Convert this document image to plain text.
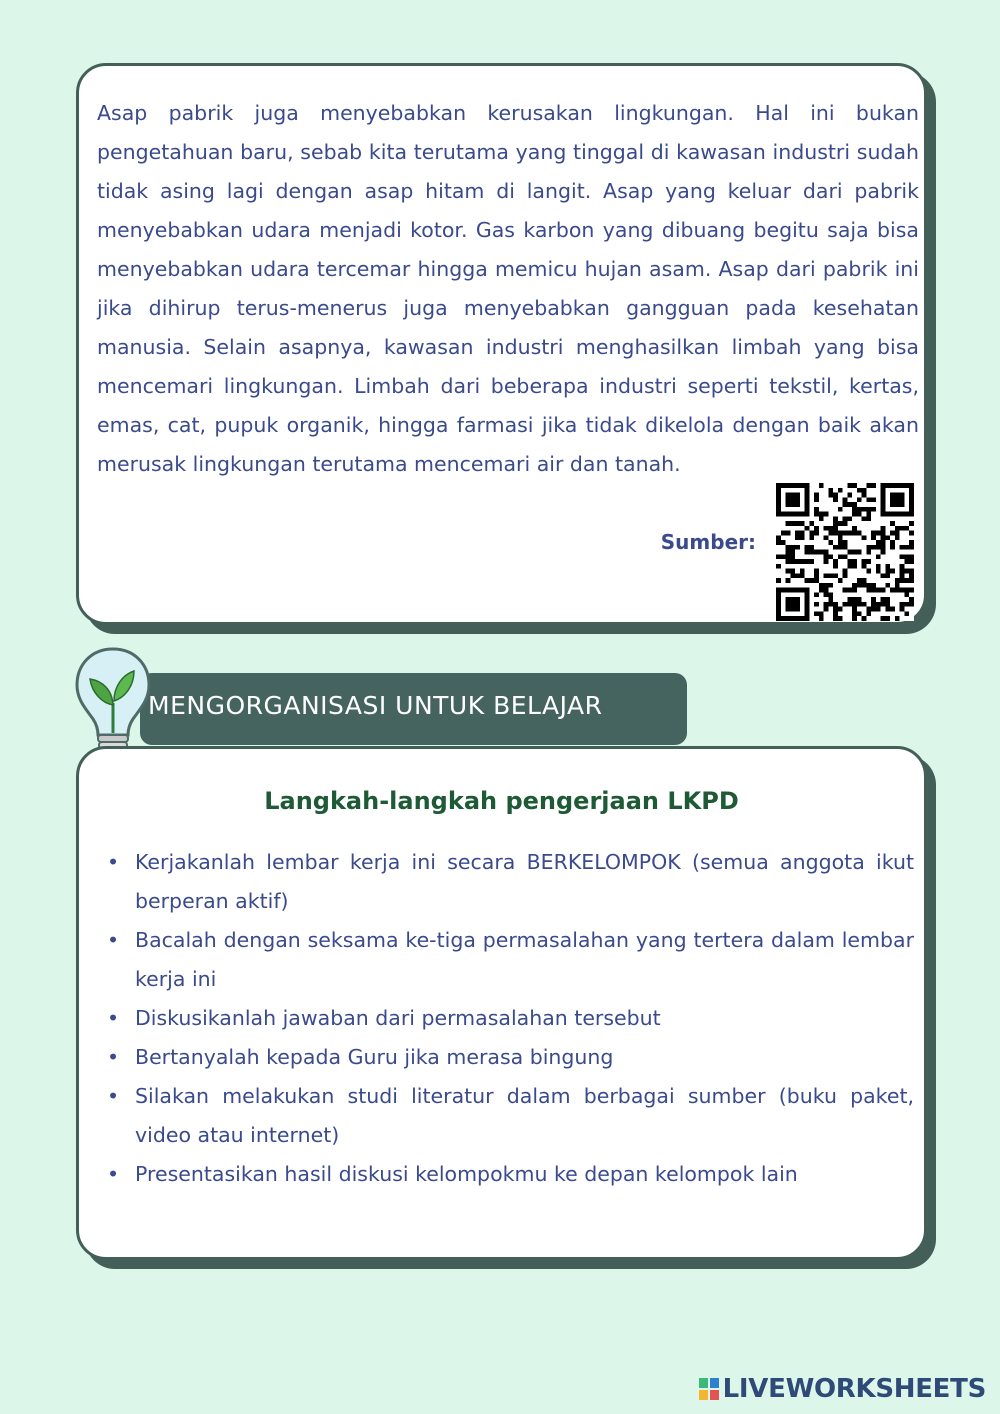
Asap pabrik juga menyebabkan kerusakan lingkungan. Hal ini bukan pengetahuan baru, sebab kita terutama yang tinggal di kawasan industri sudah tidak asing lagi dengan asap hitam di langit. Asap yang keluar dari pabrik menyebabkan udara menjadi kotor. Gas karbon yang dibuang begitu saja bisa menyebabkan udara tercemar hingga memicu hujan asam. Asap dari pabrik ini jika dihirup terus-menerus juga menyebabkan gangguan pada kesehatan manusia. Selain asapnya, kawasan industri menghasilkan limbah yang bisa mencemari lingkungan. Limbah dari beberapa industri seperti tekstil, kertas, emas, cat, pupuk organik, hingga farmasi jika tidak dikelola dengan baik akan merusak lingkungan terutama mencemari air dan tanah.

Sumber:
MENGORGANISASI UNTUK BELAJAR
Langkah-langkah pengerjaan LKPD
• Kerjakanlah lembar kerja ini secara BERKELOMPOK (semua anggota ikut berperan aktif)
• Bacalah dengan seksama ke-tiga permasalahan yang tertera dalam lembar kerja ini
• Diskusikanlah jawaban dari permasalahan tersebut
• Bertanyalah kepada Guru jika merasa bingung
• Silakan melakukan studi literatur dalam berbagai sumber (buku paket, video atau internet)
• Presentasikan hasil diskusi kelompokmu ke depan kelompok lain
LIVEWORKSHEETS
